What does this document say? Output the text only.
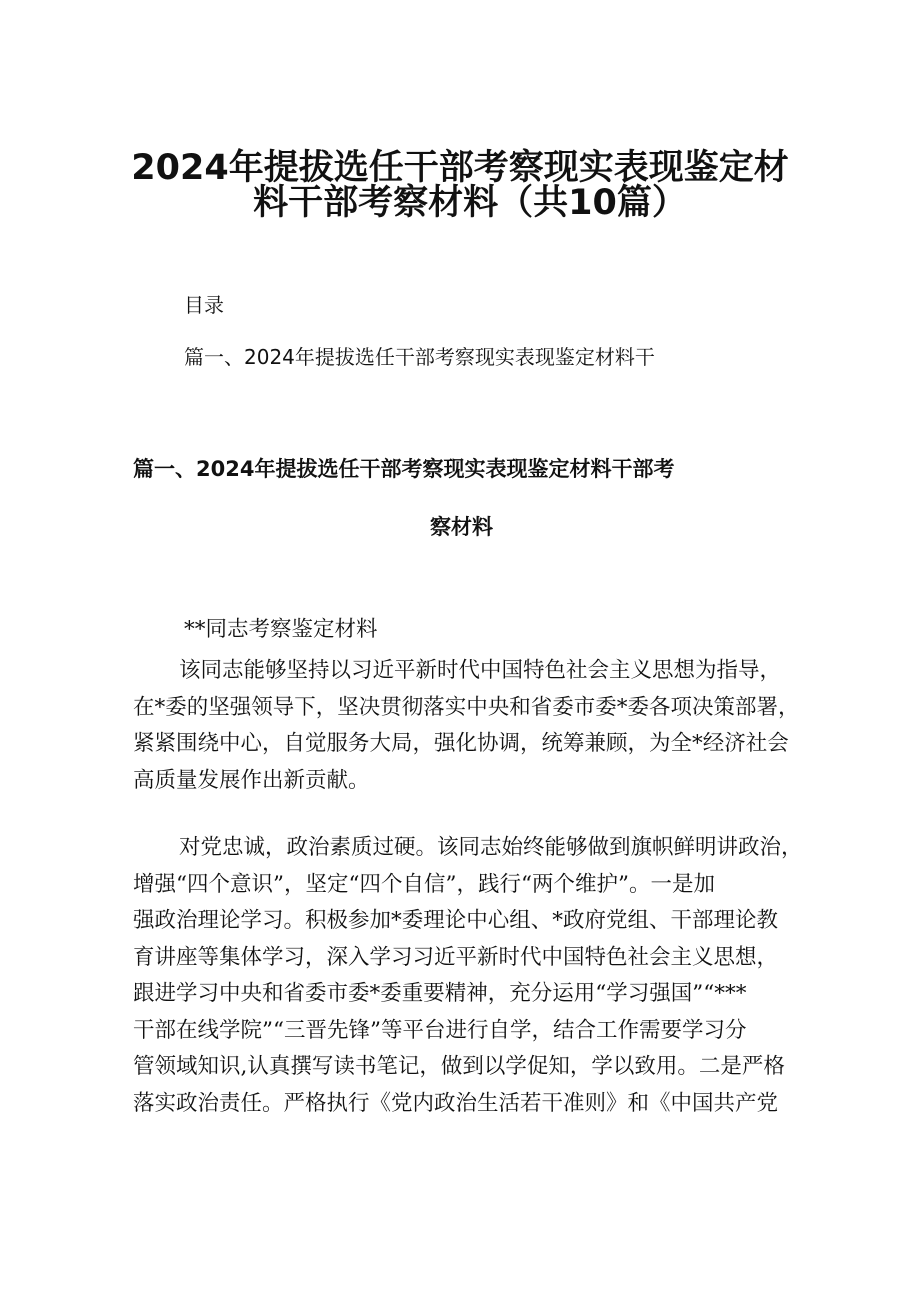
2024年提拔选任干部考察现实表现鉴定材
料干部考察材料（共10篇）
目录
篇一、2024年提拔选任干部考察现实表现鉴定材料干
篇一、2024年提拔选任干部考察现实表现鉴定材料干部考
察材料
**同志考察鉴定材料
该同志能够坚持以习近平新时代中国特色社会主义思想为指导，
在*委的坚强领导下，坚决贯彻落实中央和省委市委*委各项决策部署，
紧紧围绕中心，自觉服务大局，强化协调，统筹兼顾，为全*经济社会
高质量发展作出新贡献。
对党忠诚，政治素质过硬。该同志始终能够做到旗帜鲜明讲政治，
增强“四个意识”，坚定“四个自信”，践行“两个维护”。一是加
强政治理论学习。积极参加*委理论中心组、*政府党组、干部理论教
育讲座等集体学习，深入学习习近平新时代中国特色社会主义思想，
跟进学习中央和省委市委*委重要精神，充分运用“学习强国”“***
干部在线学院”“三晋先锋”等平台进行自学，结合工作需要学习分
管领域知识,认真撰写读书笔记，做到以学促知，学以致用。二是严格
落实政治责任。严格执行《党内政治生活若干准则》和《中国共产党
